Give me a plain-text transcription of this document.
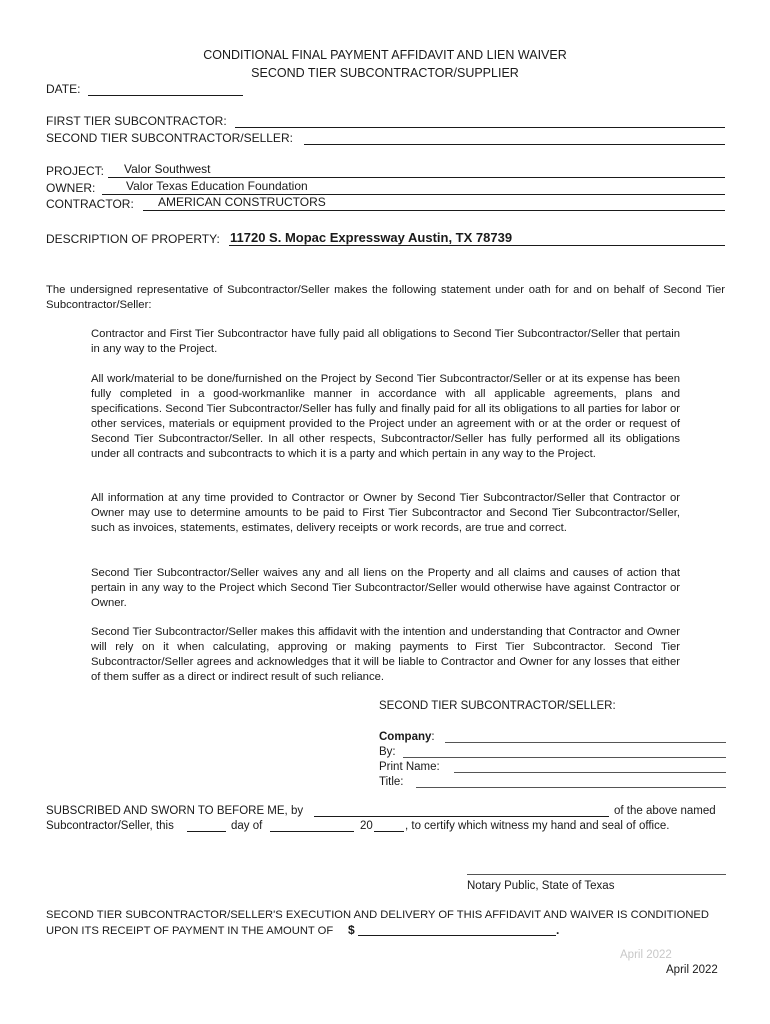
CONDITIONAL FINAL PAYMENT AFFIDAVIT AND LIEN WAIVER
SECOND TIER SUBCONTRACTOR/SUPPLIER
DATE:
FIRST TIER SUBCONTRACTOR:
SECOND TIER SUBCONTRACTOR/SELLER:
PROJECT: Valor Southwest
OWNER:	Valor Texas Education Foundation
CONTRACTOR: AMERICAN CONSTRUCTORS
DESCRIPTION OF PROPERTY: 11720 S. Mopac Expressway Austin, TX 78739
The undersigned representative of Subcontractor/Seller makes the following statement under oath for and on behalf of Second Tier Subcontractor/Seller:
Contractor and First Tier Subcontractor have fully paid all obligations to Second Tier Subcontractor/Seller that pertain in any way to the Project.
All work/material to be done/furnished on the Project by Second Tier Subcontractor/Seller or at its expense has been fully completed in a good-workmanlike manner in accordance with all applicable agreements, plans and specifications. Second Tier Subcontractor/Seller has fully and finally paid for all its obligations to all parties for labor or other services, materials or equipment provided to the Project under an agreement with or at the order or request of Second Tier Subcontractor/Seller. In all other respects, Subcontractor/Seller has fully performed all its obligations under all contracts and subcontracts to which it is a party and which pertain in any way to the Project.
All information at any time provided to Contractor or Owner by Second Tier Subcontractor/Seller that Contractor or Owner may use to determine amounts to be paid to First Tier Subcontractor and Second Tier Subcontractor/Seller, such as invoices, statements, estimates, delivery receipts or work records, are true and correct.
Second Tier Subcontractor/Seller waives any and all liens on the Property and all claims and causes of action that pertain in any way to the Project which Second Tier Subcontractor/Seller would otherwise have against Contractor or Owner.
Second Tier Subcontractor/Seller makes this affidavit with the intention and understanding that Contractor and Owner will rely on it when calculating, approving or making payments to First Tier Subcontractor. Second Tier Subcontractor/Seller agrees and acknowledges that it will be liable to Contractor and Owner for any losses that either of them suffer as a direct or indirect result of such reliance.
SECOND TIER SUBCONTRACTOR/SELLER:
Company:
By:
Print Name:
Title:
SUBSCRIBED AND SWORN TO BEFORE ME, by	of the above named
Subcontractor/Seller, this	day of	20	, to certify which witness my hand and seal of office.
Notary Public, State of Texas
SECOND TIER SUBCONTRACTOR/SELLER'S EXECUTION AND DELIVERY OF THIS AFFIDAVIT AND WAIVER IS CONDITIONED
UPON ITS RECEIPT OF PAYMENT IN THE AMOUNT OF $	.
April 2022
April 2022
